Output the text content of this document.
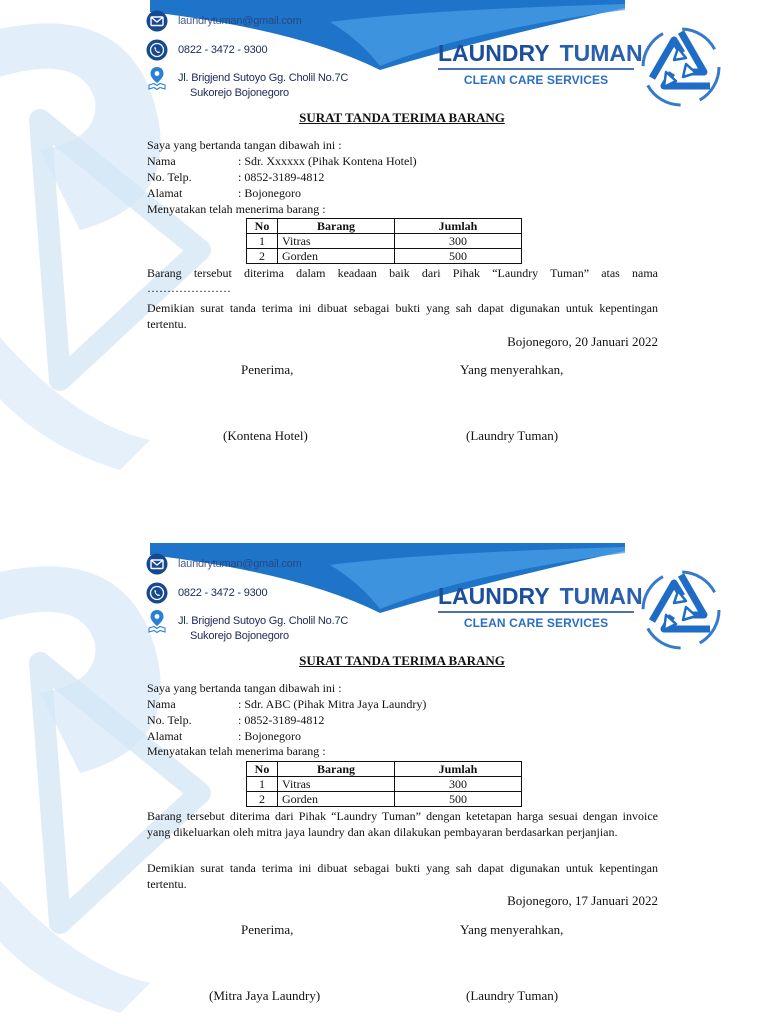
laundrytuman@gmail.com
0822 - 3472 - 9300
Jl. Brigjend Sutoyo Gg. Cholil No.7C
Sukorejo Bojonegoro
LAUNDRY TUMAN
CLEAN CARE SERVICES
SURAT TANDA TERIMA BARANG
Saya yang bertanda tangan dibawah ini :
Nama	: Sdr. Xxxxxx (Pihak Kontena Hotel)
No. Telp.	: 0852-3189-4812
Alamat	: Bojonegoro
Menyatakan telah menerima barang :
No	Barang	Jumlah
1	Vitras	300
2	Gorden	500
Barang tersebut diterima dalam keadaan baik dari Pihak “Laundry Tuman” atas nama
…………………
Demikian surat tanda terima ini dibuat sebagai bukti yang sah dapat digunakan untuk kepentingan tertentu.
Bojonegoro, 20 Januari 2022
Penerima,	Yang menyerahkan,
(Kontena Hotel)	(Laundry Tuman)
laundrytuman@gmail.com
0822 - 3472 - 9300
Jl. Brigjend Sutoyo Gg. Cholil No.7C
Sukorejo Bojonegoro
LAUNDRY TUMAN
CLEAN CARE SERVICES
SURAT TANDA TERIMA BARANG
Saya yang bertanda tangan dibawah ini :
Nama	: Sdr. ABC (Pihak Mitra Jaya Laundry)
No. Telp.	: 0852-3189-4812
Alamat	: Bojonegoro
Menyatakan telah menerima barang :
No	Barang	Jumlah
1	Vitras	300
2	Gorden	500
Barang tersebut diterima dari Pihak “Laundry Tuman” dengan ketetapan harga sesuai dengan invoice yang dikeluarkan oleh mitra jaya laundry dan akan dilakukan pembayaran berdasarkan perjanjian.
Demikian surat tanda terima ini dibuat sebagai bukti yang sah dapat digunakan untuk kepentingan tertentu.
Bojonegoro, 17 Januari 2022
Penerima,	Yang menyerahkan,
(Mitra Jaya Laundry)	(Laundry Tuman)
